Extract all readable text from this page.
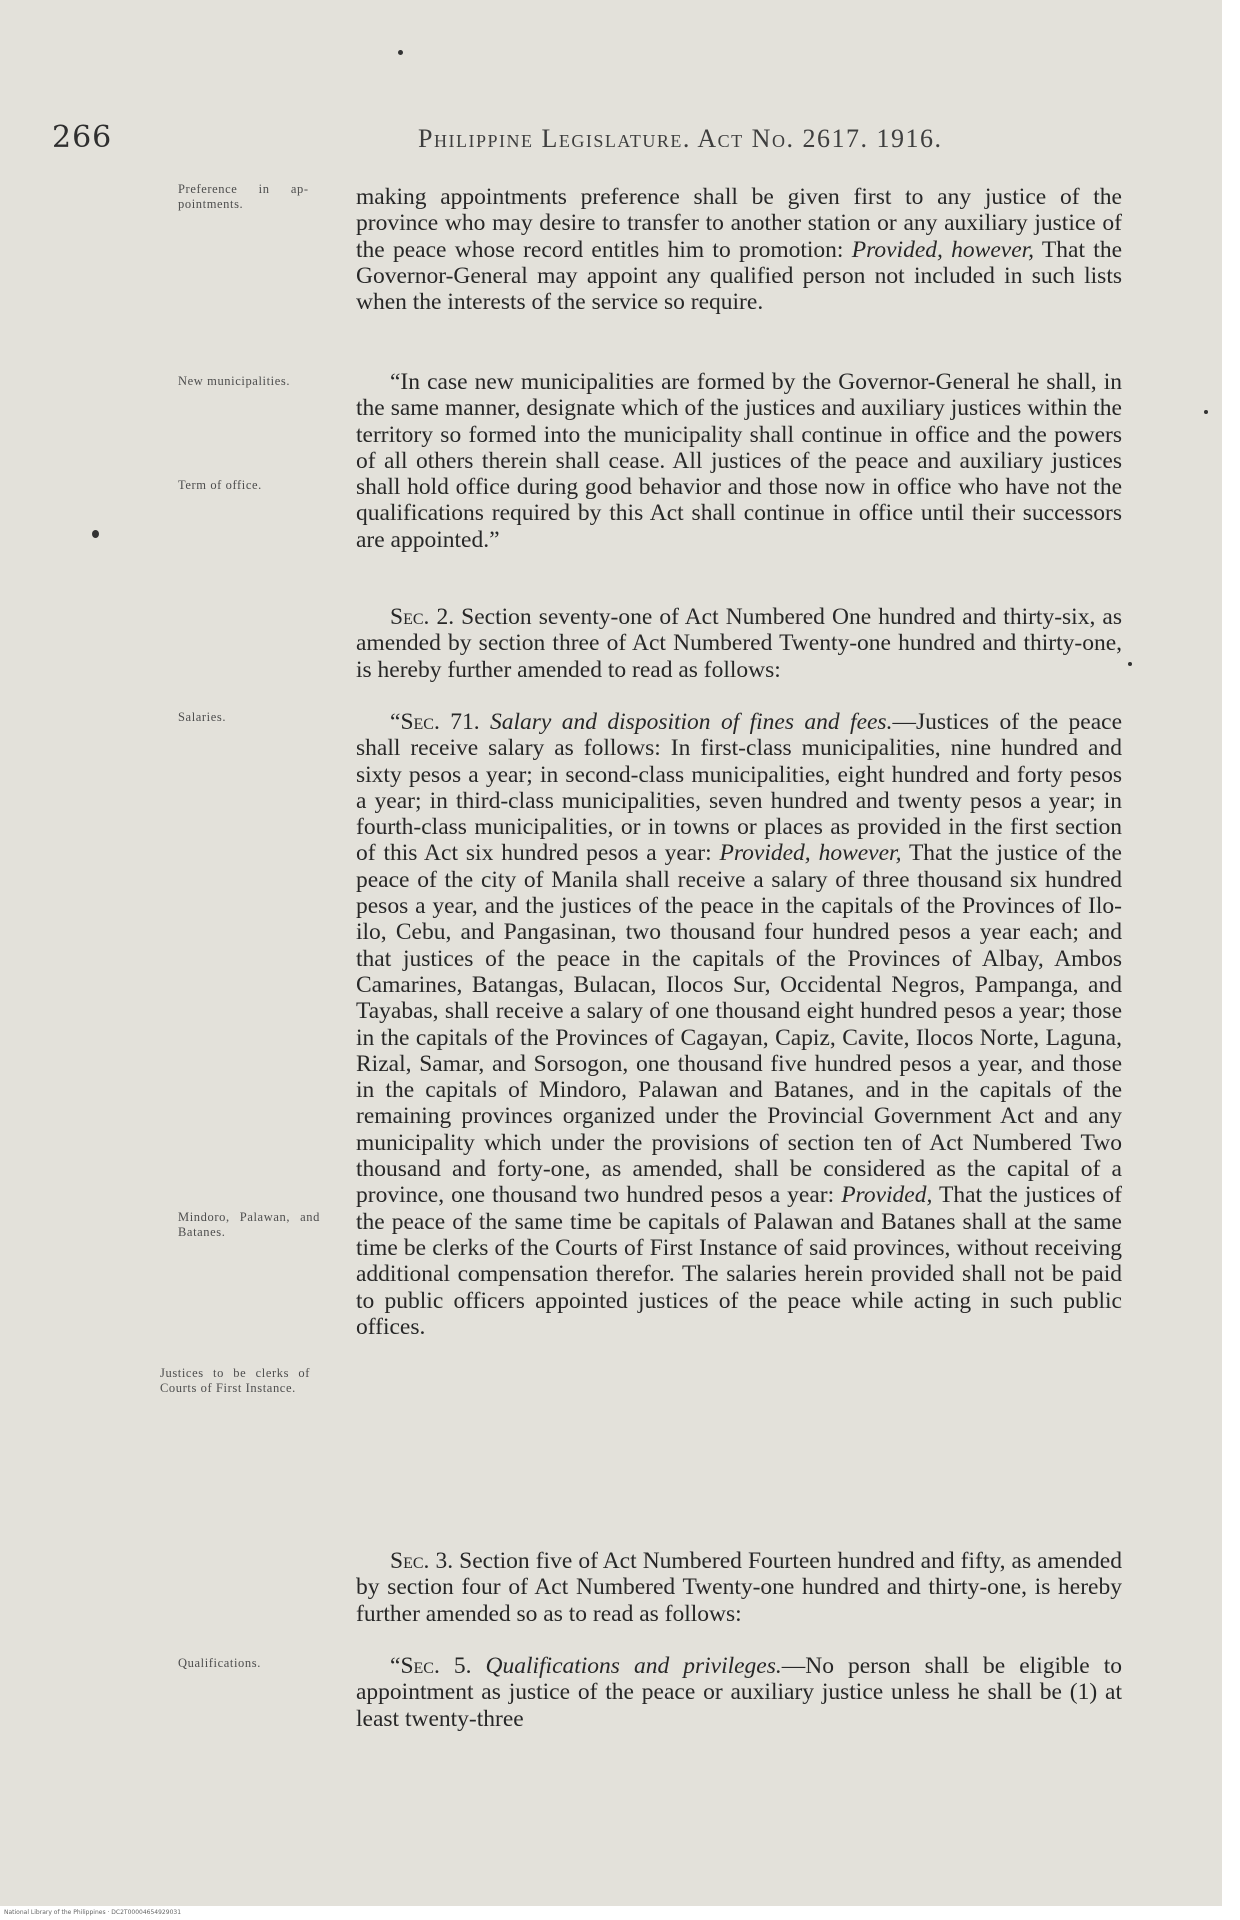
266	Philippine Legislature. Act No. 2617. 1916.
Preference in appointments.
New municipalities.
Term of office.
Salaries.
Mindoro, Palawan, and Batanes.
Justices to be clerks of Courts of First Instance.
Qualifications.

making appointments preference shall be given first to any justice of the province who may desire to transfer to another station or any auxiliary justice of the peace whose record entitles him to promotion: Provided, however, That the Governor-General may appoint any qualified person not included in such lists when the interests of the service so require.

“In case new municipalities are formed by the Governor-General he shall, in the same manner, designate which of the justices and auxiliary justices within the territory so formed into the municipality shall continue in office and the powers of all others therein shall cease. All justices of the peace and auxiliary justices shall hold office during good behavior and those now in office who have not the qualifications required by this Act shall continue in office until their successors are appointed.”

Sec. 2. Section seventy-one of Act Numbered One hundred and thirty-six, as amended by section three of Act Numbered Twenty-one hundred and thirty-one, is hereby further amended to read as follows:

“Sec. 71. Salary and disposition of fines and fees.—Justices of the peace shall receive salary as follows: In first-class municipalities, nine hundred and sixty pesos a year; in second-class municipalities, eight hundred and forty pesos a year; in third-class municipalities, seven hundred and twenty pesos a year; in fourth-class municipalities, or in towns or places as provided in the first section of this Act six hundred pesos a year: Provided, however, That the justice of the peace of the city of Manila shall receive a salary of three thousand six hundred pesos a year, and the justices of the peace in the capitals of the Provinces of Iloilo, Cebu, and Pangasinan, two thousand four hundred pesos a year each; and that justices of the peace in the capitals of the Provinces of Albay, Ambos Camarines, Batangas, Bulacan, Ilocos Sur, Occidental Negros, Pampanga, and Tayabas, shall receive a salary of one thousand eight hundred pesos a year; those in the capitals of the Provinces of Cagayan, Capiz, Cavite, Ilocos Norte, Laguna, Rizal, Samar, and Sorsogon, one thousand five hundred pesos a year, and those in the capitals of Mindoro, Palawan and Batanes, and in the capitals of the remaining provinces organized under the Provincial Government Act and any municipality which under the provisions of section ten of Act Numbered Two thousand and forty-one, as amended, shall be considered as the capital of a province, one thousand two hundred pesos a year: Provided, That the justices of the peace of the same time be capitals of Palawan and Batanes shall at the same time be clerks of the Courts of First Instance of said provinces, without receiving additional compensation therefor. The salaries herein provided shall not be paid to public officers appointed justices of the peace while acting in such public offices.

Sec. 3. Section five of Act Numbered Fourteen hundred and fifty, as amended by section four of Act Numbered Twenty-one hundred and thirty-one, is hereby further amended so as to read as follows:

“Sec. 5. Qualifications and privileges.—No person shall be eligible to appointment as justice of the peace or auxiliary justice unless he shall be (1) at least twenty-three

National Library of the Philippines · DC2T00004654929031
